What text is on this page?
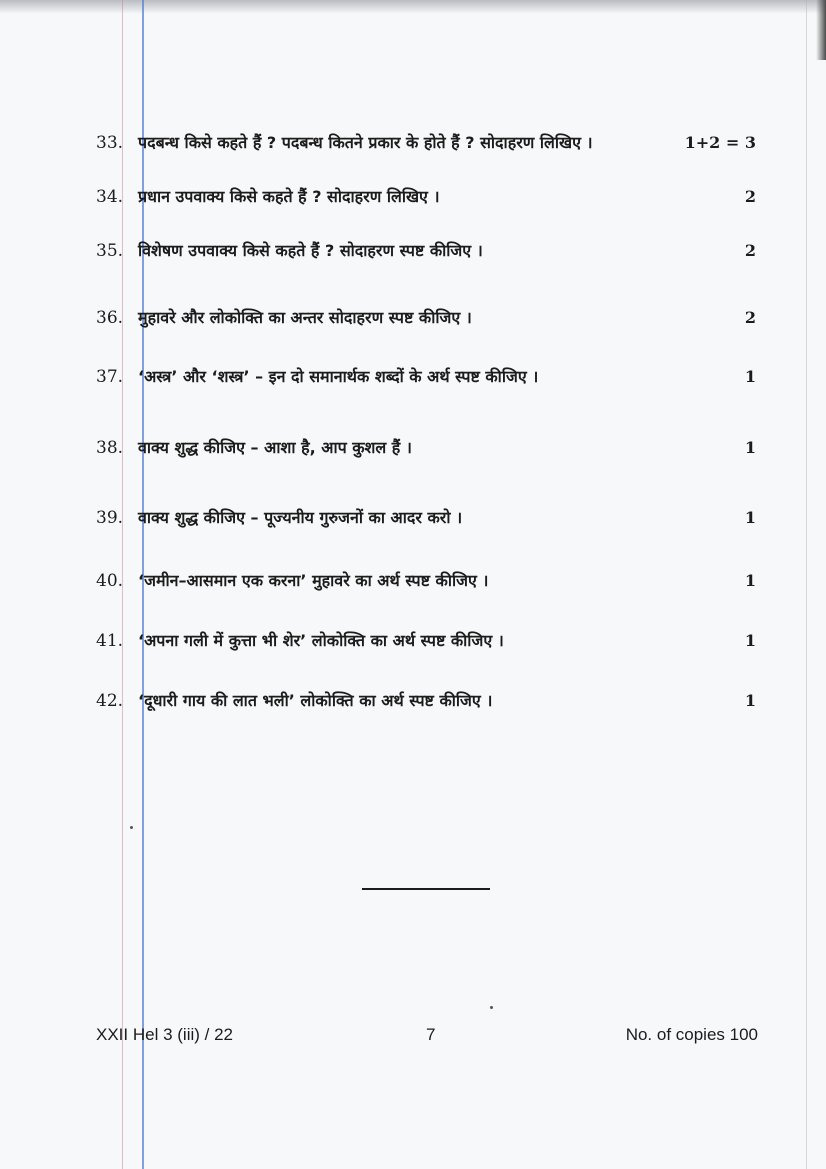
33. पदबन्ध किसे कहते हैं ? पदबन्ध कितने प्रकार के होते हैं ? सोदाहरण लिखिए ।	1+2 = 3
34. प्रधान उपवाक्य किसे कहते हैं ? सोदाहरण लिखिए ।	2
35. विशेषण उपवाक्य किसे कहते हैं ? सोदाहरण स्पष्ट कीजिए ।	2
36. मुहावरे और लोकोक्ति का अन्तर सोदाहरण स्पष्ट कीजिए ।	2
37. ‘अस्त्र’ और ‘शस्त्र’ – इन दो समानार्थक शब्दों के अर्थ स्पष्ट कीजिए ।	1
38. वाक्य शुद्ध कीजिए – आशा है, आप कुशल हैं ।	1
39. वाक्य शुद्ध कीजिए – पूज्यनीय गुरुजनों का आदर करो ।	1
40. ‘जमीन–आसमान एक करना’ मुहावरे का अर्थ स्पष्ट कीजिए ।	1
41. ‘अपना गली में कुत्ता भी शेर’ लोकोक्ति का अर्थ स्पष्ट कीजिए ।	1
42. ‘दूधारी गाय की लात भली’ लोकोक्ति का अर्थ स्पष्ट कीजिए ।	1
XXII Hel 3 (iii) / 22	7	No. of copies 100
